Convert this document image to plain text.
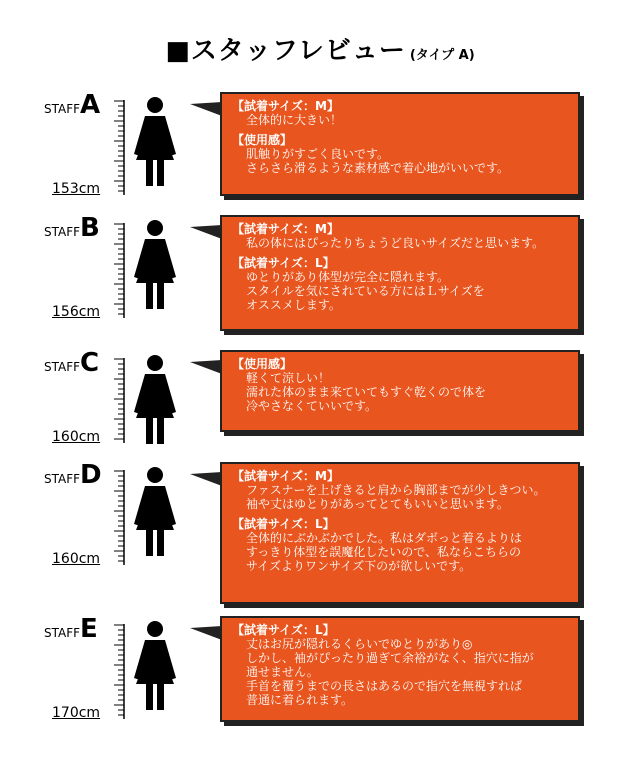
■スタッフレビュー (タイプ A)
STAFFA
153cm
【試着サイズ：M】
全体的に大きい！
【使用感】
肌触りがすごく良いです。
さらさら滑るような素材感で着心地がいいです。
STAFFB
156cm
【試着サイズ：M】
私の体にはぴったりちょうど良いサイズだと思います。
【試着サイズ：L】
ゆとりがあり体型が完全に隠れます。
スタイルを気にされている方にはＬサイズを
オススメします。
STAFFC
160cm
【使用感】
軽くて涼しい！
濡れた体のまま来ていてもすぐ乾くので体を
冷やさなくていいです。
STAFFD
160cm
【試着サイズ：M】
ファスナーを上げきると肩から胸部までが少しきつい。
袖や丈はゆとりがあってとてもいいと思います。
【試着サイズ：L】
全体的にぶかぶかでした。私はダボっと着るよりは
すっきり体型を誤魔化したいので、私ならこちらの
サイズよりワンサイズ下のが欲しいです。
STAFFE
170cm
【試着サイズ：L】
丈はお尻が隠れるくらいでゆとりがあり◎
しかし、袖がぴったり過ぎて余裕がなく、指穴に指が
通せません。
手首を覆うまでの長さはあるので指穴を無視すれば
普通に着られます。
